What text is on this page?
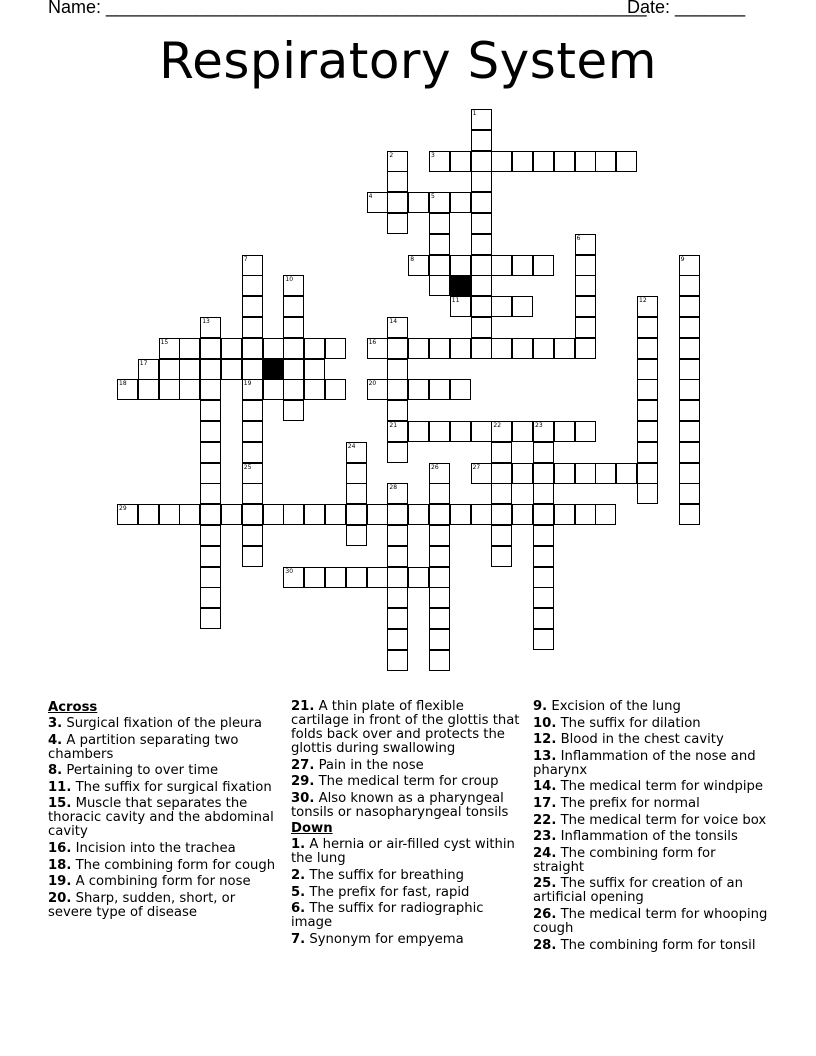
Name: ______________________________________________________
Date: _______
Respiratory System
1
2	3
4	5
6
7	8	9
10
11	12
13	14
15	16
17
18	19	20
21	22	23
24
25	26	27
28
29
30
Across
3. Surgical fixation of the pleura
4. A partition separating two chambers
8. Pertaining to over time
11. The suffix for surgical fixation
15. Muscle that separates the thoracic cavity and the abdominal cavity
16. Incision into the trachea
18. The combining form for cough
19. A combining form for nose
20. Sharp, sudden, short, or severe type of disease
21. A thin plate of flexible cartilage in front of the glottis that folds back over and protects the glottis during swallowing
27. Pain in the nose
29. The medical term for croup
30. Also known as a pharyngeal tonsils or nasopharyngeal tonsils
Down
1. A hernia or air-filled cyst within the lung
2. The suffix for breathing
5. The prefix for fast, rapid
6. The suffix for radiographic image
7. Synonym for empyema
9. Excision of the lung
10. The suffix for dilation
12. Blood in the chest cavity
13. Inflammation of the nose and pharynx
14. The medical term for windpipe
17. The prefix for normal
22. The medical term for voice box
23. Inflammation of the tonsils
24. The combining form for straight
25. The suffix for creation of an artificial opening
26. The medical term for whooping cough
28. The combining form for tonsil
